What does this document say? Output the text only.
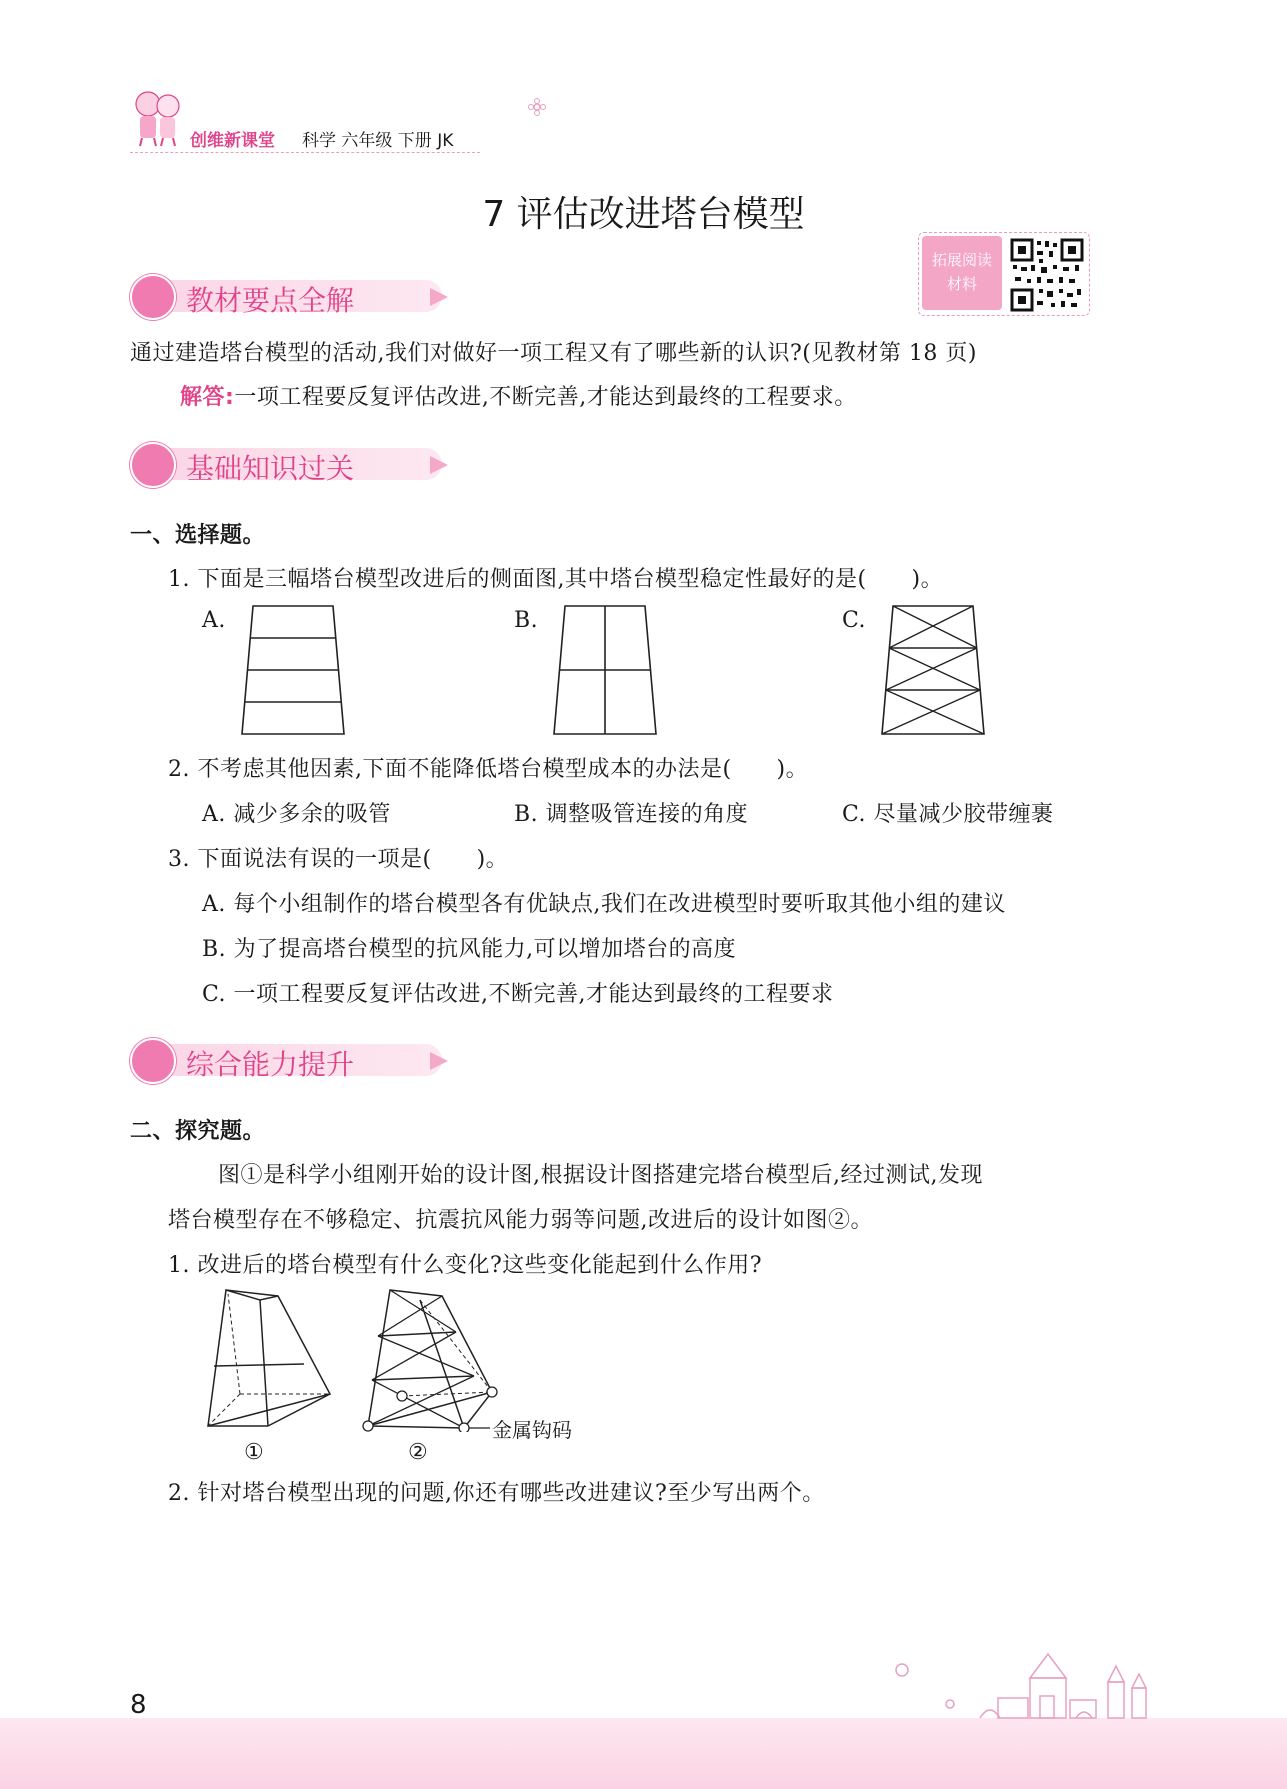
创维新课堂 科学 六年级 下册 JK
7 评估改进塔台模型
拓展阅读
材料
教材要点全解
通过建造塔台模型的活动,我们对做好一项工程又有了哪些新的认识?(见教材第 18 页)
解答:一项工程要反复评估改进,不断完善,才能达到最终的工程要求。
基础知识过关
一、选择题。
1. 下面是三幅塔台模型改进后的侧面图,其中塔台模型稳定性最好的是(　　)。
A.	B.	C.
2. 不考虑其他因素,下面不能降低塔台模型成本的办法是(　　)。
A. 减少多余的吸管	B. 调整吸管连接的角度	C. 尽量减少胶带缠裹
3. 下面说法有误的一项是(　　)。
A. 每个小组制作的塔台模型各有优缺点,我们在改进模型时要听取其他小组的建议
B. 为了提高塔台模型的抗风能力,可以增加塔台的高度
C. 一项工程要反复评估改进,不断完善,才能达到最终的工程要求
综合能力提升
二、探究题。
图①是科学小组刚开始的设计图,根据设计图搭建完塔台模型后,经过测试,发现
塔台模型存在不够稳定、抗震抗风能力弱等问题,改进后的设计如图②。
1. 改进后的塔台模型有什么变化?这些变化能起到什么作用?
金属钩码
①	②
2. 针对塔台模型出现的问题,你还有哪些改进建议?至少写出两个。
8
